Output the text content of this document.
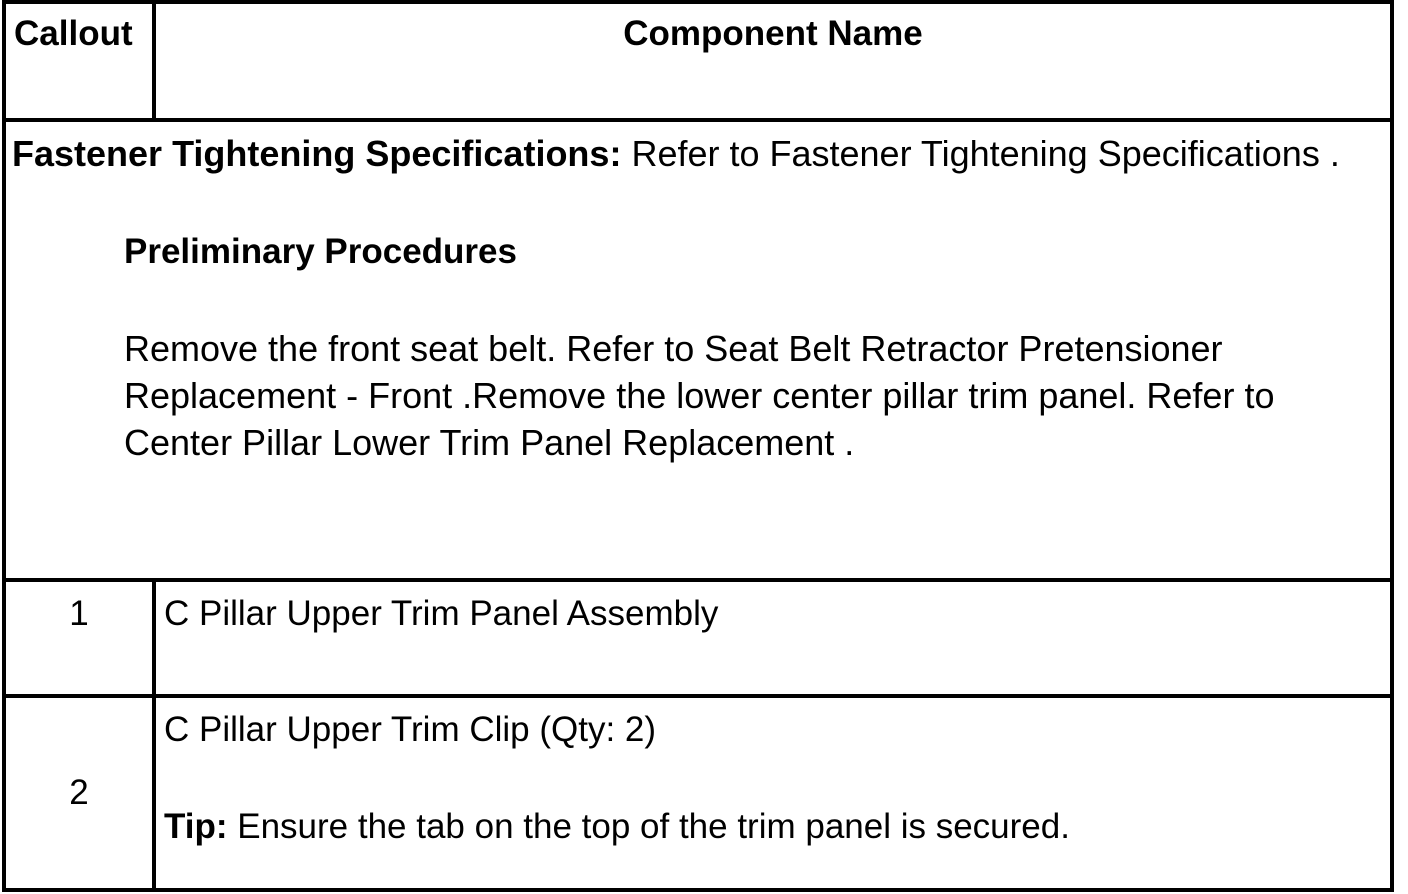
Callout	Component Name

Fastener Tightening Specifications: Refer to Fastener Tightening Specifications .

Preliminary Procedures
Remove the front seat belt. Refer to Seat Belt Retractor Pretensioner Replacement - Front .Remove the lower center pillar trim panel. Refer to Center Pillar Lower Trim Panel Replacement .	

1	C Pillar Upper Trim Panel Assembly
2	C Pillar Upper Trim Clip (Qty: 2)
Tip: Ensure the tab on the top of the trim panel is secured.
